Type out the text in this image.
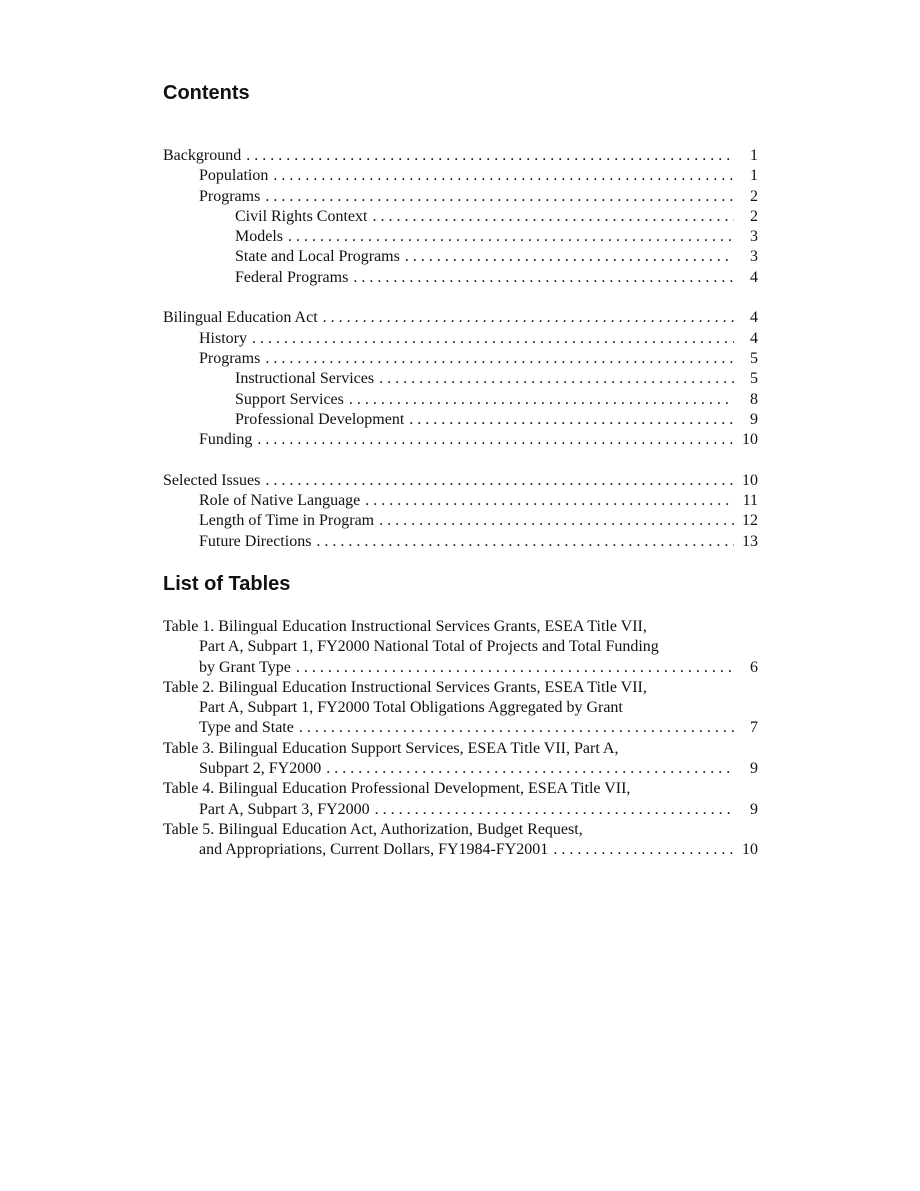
Contents
Background . . .	1
Population . . .	1
Programs . . .	2
Civil Rights Context . . .	2
Models . . .	3
State and Local Programs . . .	3
Federal Programs . . .	4
Bilingual Education Act . . .	4
History . . .	4
Programs . . .	5
Instructional Services . . .	5
Support Services . . .	8
Professional Development . . .	9
Funding . . .	10
Selected Issues . . .	10
Role of Native Language . . .	11
Length of Time in Program . . .	12
Future Directions . . .	13
List of Tables
Table 1. Bilingual Education Instructional Services Grants, ESEA Title VII,
Part A, Subpart 1, FY2000 National Total of Projects and Total Funding
by Grant Type . . .	6
Table 2. Bilingual Education Instructional Services Grants, ESEA Title VII,
Part A, Subpart 1, FY2000 Total Obligations Aggregated by Grant
Type and State . . .	7
Table 3. Bilingual Education Support Services, ESEA Title VII, Part A,
Subpart 2, FY2000 . . .	9
Table 4. Bilingual Education Professional Development, ESEA Title VII,
Part A, Subpart 3, FY2000 . . .	9
Table 5. Bilingual Education Act, Authorization, Budget Request,
and Appropriations, Current Dollars, FY1984-FY2001 . . .	10
